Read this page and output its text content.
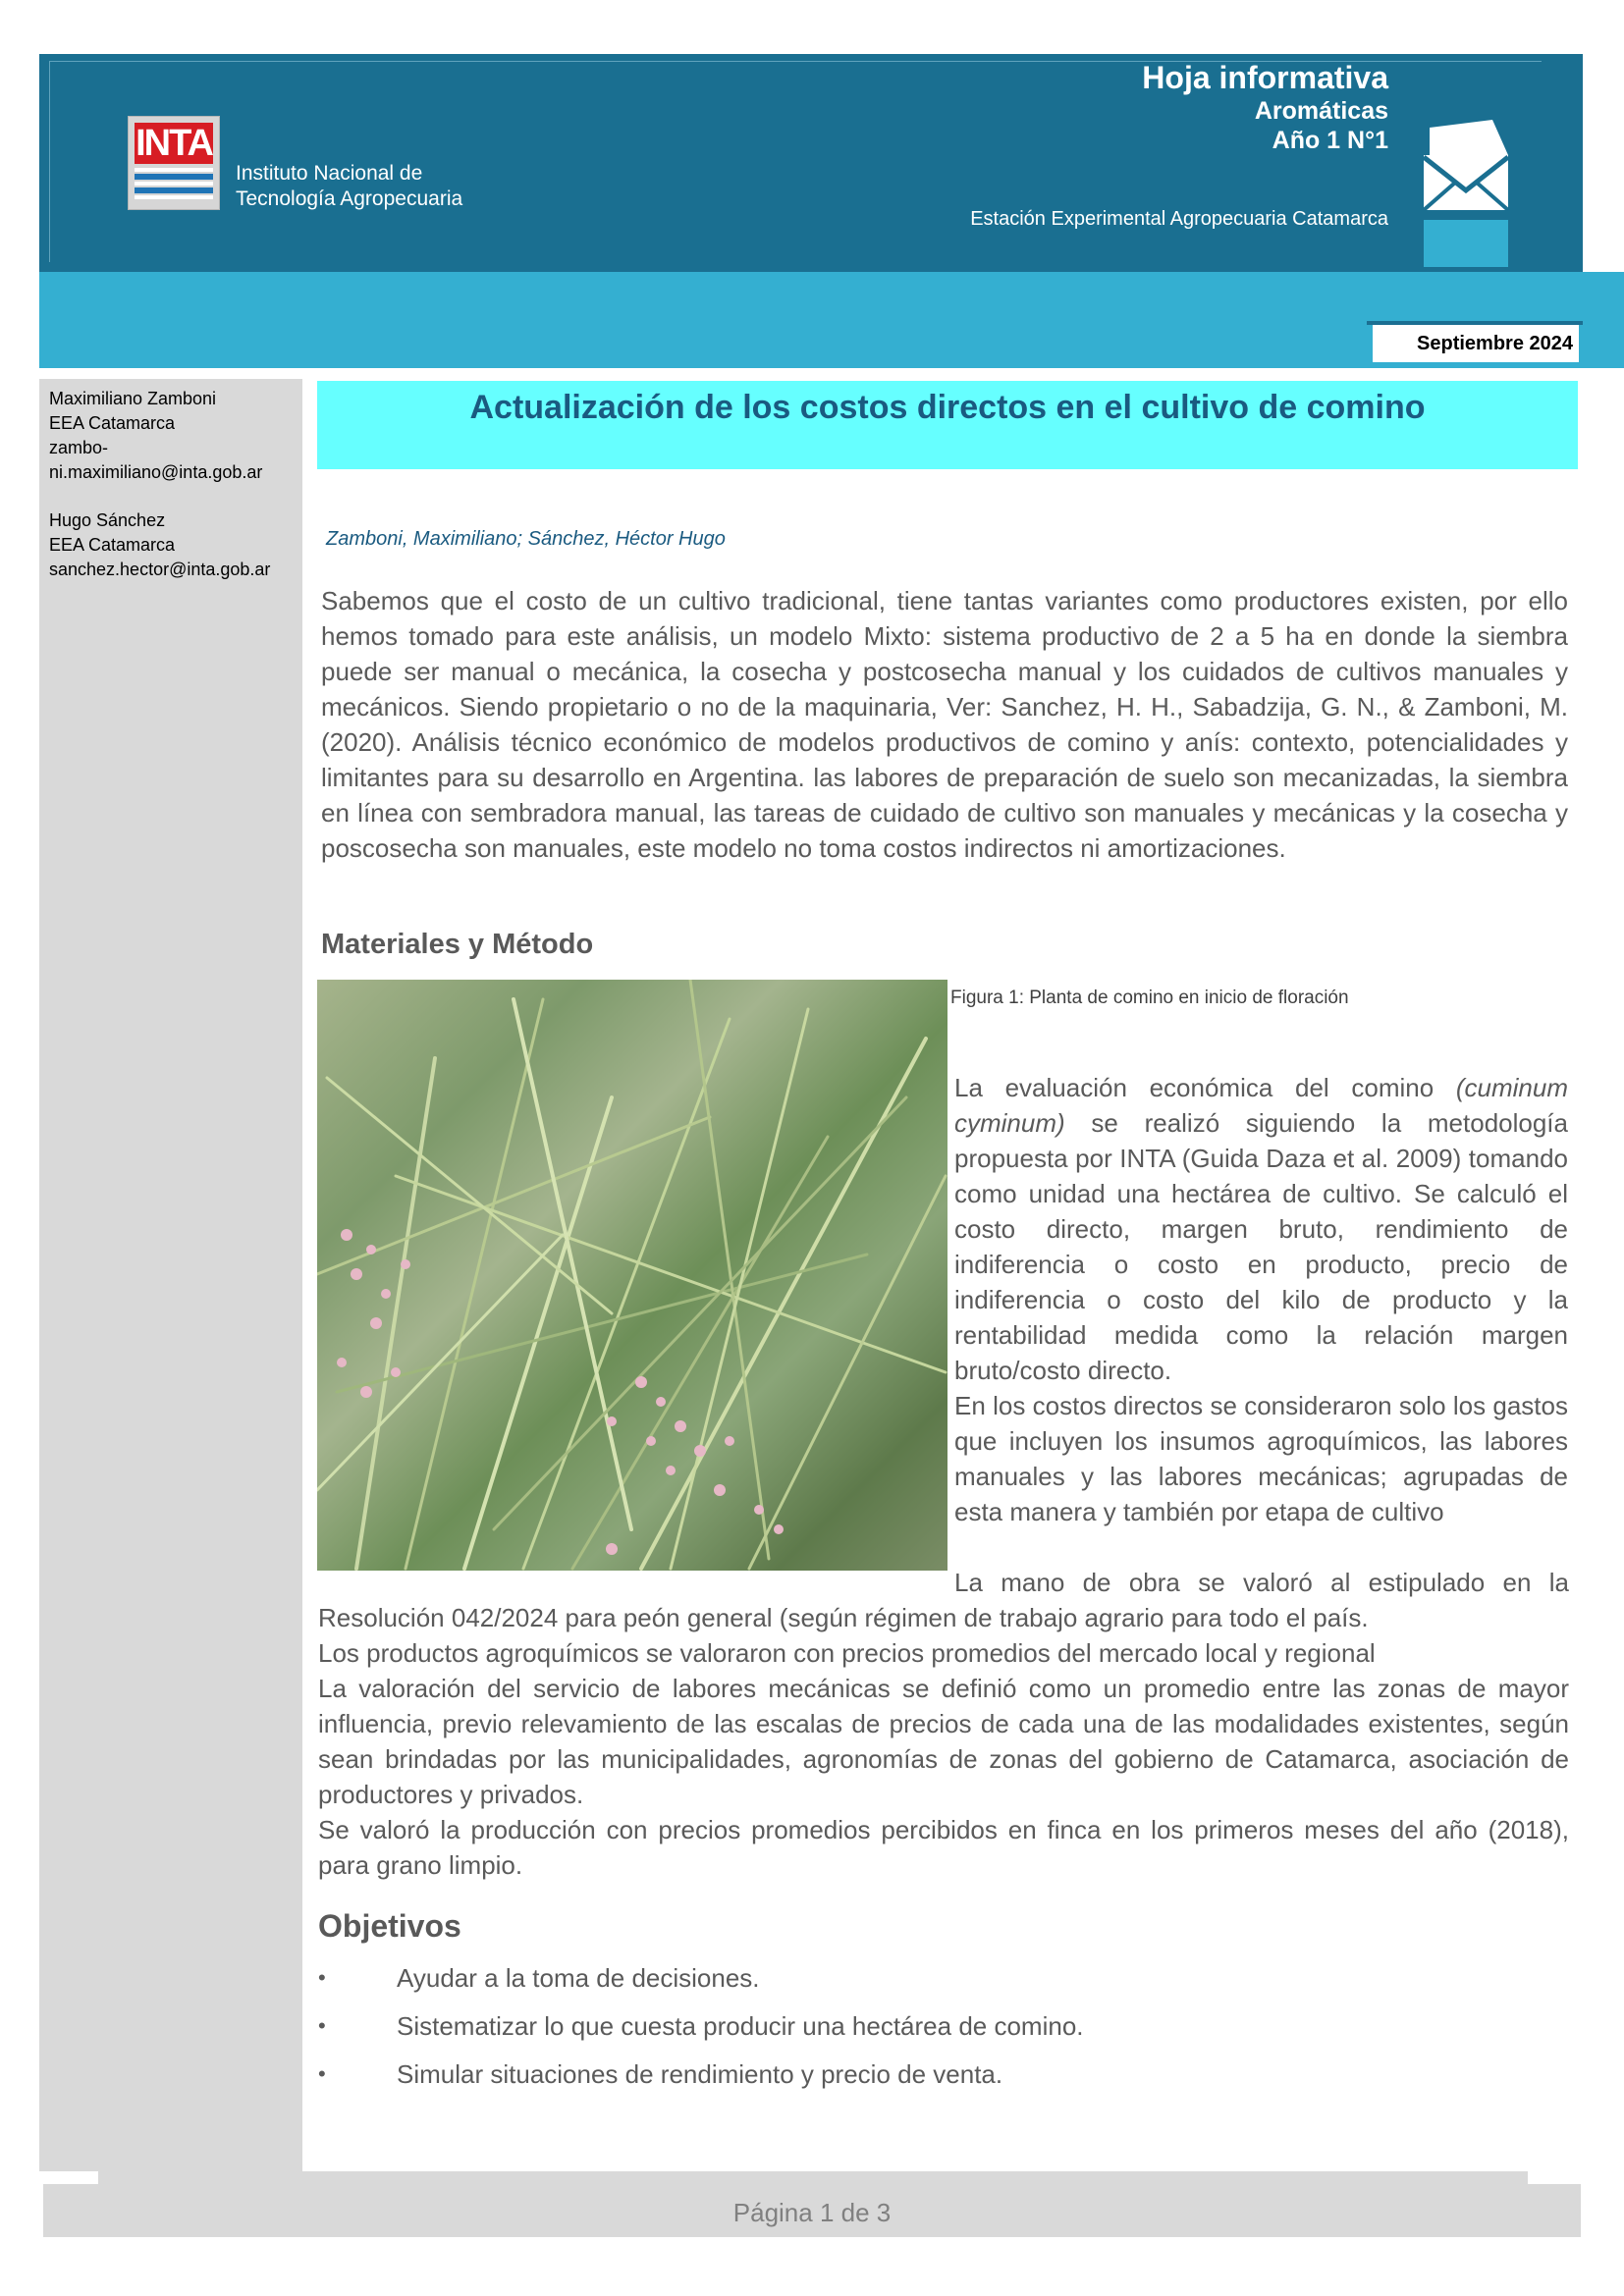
INTA
Instituto Nacional de
Tecnología Agropecuaria
Hoja informativa
Aromáticas
Año 1 N°1
Estación Experimental Agropecuaria Catamarca
Septiembre 2024
Maximiliano Zamboni
EEA Catamarca
zambo-
ni.maximiliano@inta.gob.ar
Hugo Sánchez
EEA Catamarca
sanchez.hector@inta.gob.ar
Actualización de los costos directos en el cultivo de comino
Zamboni, Maximiliano; Sánchez, Héctor Hugo
Sabemos que el costo de un cultivo tradicional, tiene tantas variantes como productores existen, por ello hemos tomado para este análisis, un modelo Mixto: sistema productivo de 2 a 5 ha en donde la siembra puede ser manual o mecánica, la cosecha y postcosecha manual y los cuidados de cultivos manuales y mecánicos. Siendo propietario o no de la maquinaria, Ver: Sanchez, H. H., Sabadzija, G. N., & Zamboni, M. (2020). Análisis técnico económico de modelos productivos de comino y anís: contexto, potencialidades y limitantes para su desarrollo en Argentina. las labores de preparación de suelo son mecanizadas, la siembra en línea con sembradora manual, las tareas de cuidado de cultivo son manuales y mecánicas y la cosecha y poscosecha son manuales, este modelo no toma costos indirectos ni amortizaciones.
Materiales y Método
Figura 1: Planta de comino en inicio de floración

La evaluación económica del comino (cuminum cyminum) se realizó siguiendo la metodología propuesta por INTA (Guida Daza et al. 2009) tomando como unidad una hectárea de cultivo. Se calculó el costo directo, margen bruto, rendimiento de indiferencia o costo en producto, precio de indiferencia o costo del kilo de producto y la rentabilidad medida como la relación margen bruto/costo directo.

En los costos directos se consideraron solo los gastos que incluyen los insumos agroquímicos, las labores manuales y las labores mecánicas; agrupadas de esta manera y también por etapa de cultivo

La mano de obra se valoró al estipulado en la Resolución 042/2024 para peón general (según régimen de trabajo agrario para todo el país.

Los productos agroquímicos se valoraron con precios promedios del mercado local y regional

La valoración del servicio de labores mecánicas se definió como un promedio entre las zonas de mayor influencia, previo relevamiento de las escalas de precios de cada una de las modalidades existentes, según sean brindadas por las municipalidades, agronomías de zonas del gobierno de Catamarca, asociación de productores y privados.

Se valoró la producción con precios promedios percibidos en finca en los primeros meses del año (2018), para grano limpio.

Objetivos
•	Ayudar a la toma de decisiones.
•	Sistematizar lo que cuesta producir una hectárea de comino.
•	Simular situaciones de rendimiento y precio de venta.
Página 1 de 3
